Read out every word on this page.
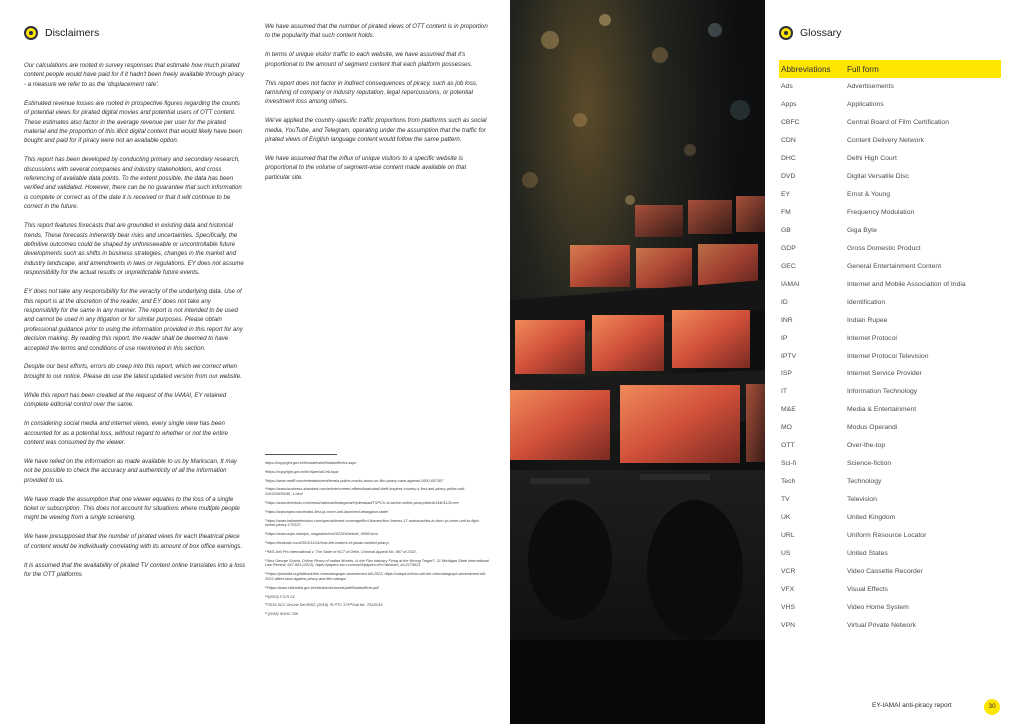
Disclaimers

Our calculations are rooted in survey responses that estimate how much pirated content people would have paid for if it hadn't been freely available through piracy - a measure we refer to as the 'displacement rate'.

Estimated revenue losses are rooted in prospective figures regarding the counts of potential views for pirated digital movies and potential users of OTT content. These estimates also factor in the average revenue per user for the pirated material and the proportion of this illicit digital content that would likely have been bought and paid for if piracy were not an available option.

This report has been developed by conducting primary and secondary research, discussions with several companies and industry stakeholders, and cross referencing of available data points. To the extent possible, the data has been verified and validated. However, there can be no guarantee that such information is complete or correct as of the date it is received or that it will continue to be correct in the future.

This report features forecasts that are grounded in existing data and historical trends. These forecasts inherently bear risks and uncertainties. Specifically, the definitive outcomes could be shaped by unforeseeable or uncontrollable future developments such as shifts in business strategies, changes in the market and industry landscape, and amendments in laws or regulations. EY does not assume responsibility for the actual results or unpredictable future events.

EY does not take any responsibility for the veracity of the underlying data. Use of this report is at the discretion of the reader, and EY does not take any responsibility for the same in any manner. The report is not intended to be used and cannot be used in any litigation or for similar purposes. Please obtain professional guidance prior to using the information provided in this report for any decision making. By reading this report, the reader shall be deemed to have accepted the terms and conditions of use mentioned in this section.

Despite our best efforts, errors do creep into this report, which we correct when brought to our notice. Please do use the latest updated version from our website.

While this report has been created at the request of the IAMAI, EY retained complete editorial control over the same.

In considering social media and internet views, every single view has been accounted for as a potential loss, without regard to whether or not the entire content was consumed by the viewer.

We have relied on the information as made available to us by Markscan. It may not be possible to check the accuracy and authenticity of all the information provided to us.

We have made the assumption that one viewer equates to the loss of a single ticket or subscription. This does not account for situations where multiple people might be viewing from a single screening.

We have presupposed that the number of pirated views for each theatrical piece of content would be individually correlating with its amount of box office earnings.

It is assumed that the availability of pirated TV content online translates into a loss for the OTT platforms

We have assumed that the number of pirated views of OTT content is in proportion to the popularity that such content holds.

In terms of unique visitor traffic to each website, we have assumed that it's proportional to the amount of segment content that each platform possesses.

This report does not factor in indirect consequences of piracy, such as job loss, tarnishing of company or industry reputation, legal repercussions, or potential investment loss among others.

We've applied the country-specific traffic proportions from platforms such as social media, YouTube, and Telegram, operating under the assumption that the traffic for pirated views of English language content would follow the same pattern.

We have assumed that the influx of unique visitors to a specific website is proportional to the volume of segment-wise content made available on that particular site.

https://copyright.gov.in/frmstatewiseNodalofficers.aspx
²https://copyright.gov.in/frmSpecialCell.aspx
³https://www.rediff.com/entertainment/kerala-police-cracks-down-on-film-piracy-case-against-1000-607387
⁴https://www.business-standard.com/article/current-affairs/baahubali-theft-inspires-country-s-first-anti-piracy-police-unit-115120900046_1.html
⁵https://www.thehindu.com/news/national/telangana/Hyderabad/TSPCU-to-tackle-online-piracy/article14401126.ece
⁶https://www.tipnt.com/indias-first-ip-crime-unit-launched-telangana-state/
⁷https://www.indiantelevision.com/special/event-coverage/ficci-frames/ficci-frames-17-maharashtra-to-form-ip-crime-unit-to-fight-online-piracy-170322
⁸https://www.wipo.int/wipo_magazine/en/2022/04/article_0008.html
⁹https://hubnaik.com/2023/11/24/how-the-makers-of-jawan-tackled-piracy/
¹⁰M/S Anil Pro International v. The State of NCT of Delhi, Criminal Appeal No. 807 of 2022.
¹¹Arul George Scaria, Online Piracy of Indian Movies: Is the Film Industry Firing at the Wrong Target?, 21 Michigan State International Law Review, 647-663 (2013), https://papers.ssrn.com/sol3/papers.cfm?abstract_id=2175621
¹²https://prsindia.org/billtrack/the-cinematograph-amendment-bill-2023; https://vaepd.in/how-will-the-cinematograph-amendment-bill-2023-affect-laws-against-piracy-and-film-ratings/
¹³https://www.cbfcindia.gov.in/cbfcAdmin/assets/pdf/Nodalofficer.pdf
¹⁴(2003) F.S.R 24
¹⁵2019 SCC OnLine Del 8002; (2019) 78 PTC 375¹⁶Suit No. 751/2016
¹⁷(2018) SGHC 206
Glossary
Abbreviations	Full form
Ads	Advertisements
Apps	Applications
CBFC	Central Board of Film Certification
CDN	Content Delivery Network
DHC	Delhi High Court
DVD	Digital Versatile Disc
EY	Ernst & Young
FM	Frequency Modulation
GB	Giga Byte
GDP	Gross Domestic Product
GEC	General Entertainment Content
IAMAI	Internet and Mobile Association of India
ID	Identification
INR	Indian Rupee
IP	Internet Protocol
IPTV	Internet Protocol Television
ISP	Internet Service Provider
IT	Information Technology
M&E	Media & Entertainment
MO	Modus Operandi
OTT	Over-the-top
Sci-fi	Science-fiction
Tech	Technology
TV	Television
UK	United Kingdom
URL	Uniform Resource Locator
US	United States
VCR	Video Cassette Recorder
VFX	Visual Effects
VHS	Video Home System
VPN	Virtual Private Network
EY-IAMAI anti-piracy report	30
